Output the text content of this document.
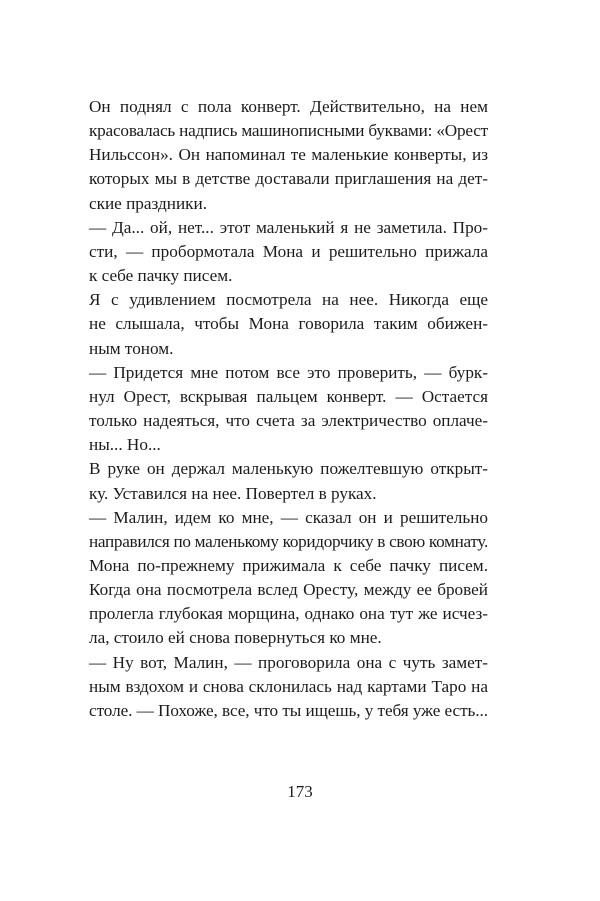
Он поднял с пола конверт. Действительно, на нем
красовалась надпись машинописными буквами: «Орест
Нильссон». Он напоминал те маленькие конверты, из
которых мы в детстве доставали приглашения на дет-
ские праздники.
— Да... ой, нет... этот маленький я не заметила. Про-
сти, — пробормотала Мона и решительно прижала
к себе пачку писем.
Я с удивлением посмотрела на нее. Никогда еще
не слышала, чтобы Мона говорила таким обижен-
ным тоном.
— Придется мне потом все это проверить, — бурк-
нул Орест, вскрывая пальцем конверт. — Остается
только надеяться, что счета за электричество оплаче-
ны... Но...
В руке он держал маленькую пожелтевшую открыт-
ку. Уставился на нее. Повертел в руках.
— Малин, идем ко мне, — сказал он и решительно
направился по маленькому коридорчику в свою комнату.
Мона по-прежнему прижимала к себе пачку писем.
Когда она посмотрела вслед Оресту, между ее бровей
пролегла глубокая морщина, однако она тут же исчез-
ла, стоило ей снова повернуться ко мне.
— Ну вот, Малин, — проговорила она с чуть замет-
ным вздохом и снова склонилась над картами Таро на
столе. — Похоже, все, что ты ищешь, у тебя уже есть...
173
